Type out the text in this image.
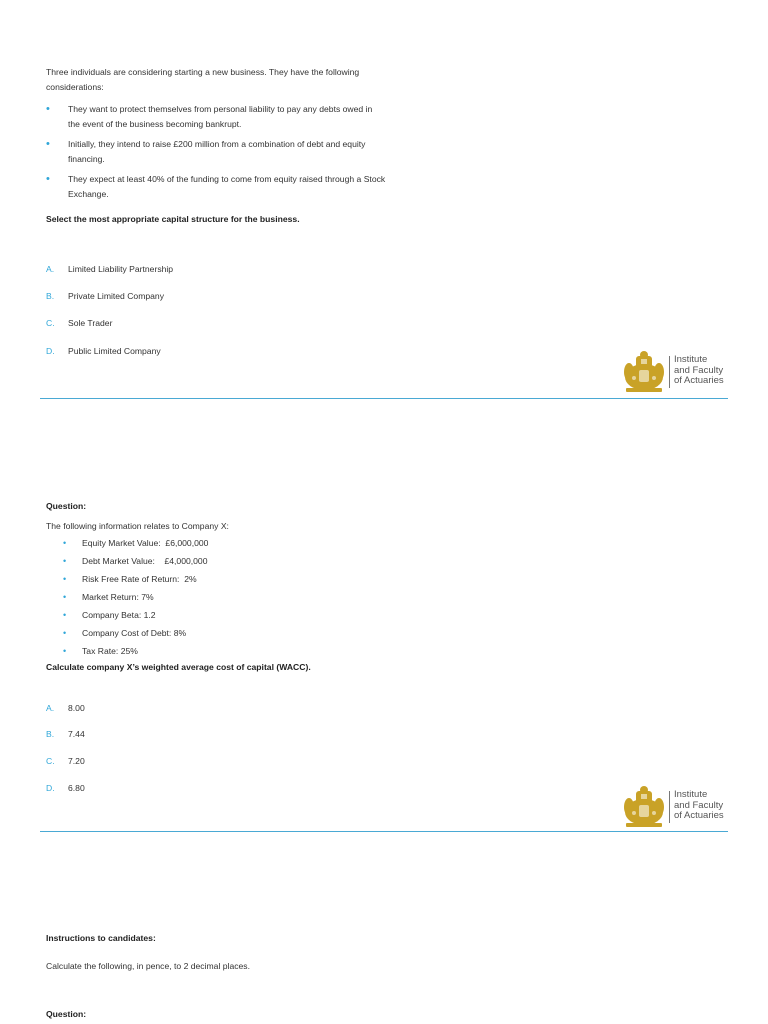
Three individuals are considering starting a new business. They have the following considerations:

• They want to protect themselves from personal liability to pay any debts owed in the event of the business becoming bankrupt.
• Initially, they intend to raise £200 million from a combination of debt and equity financing.
• They expect at least 40% of the funding to come from equity raised through a Stock Exchange.

Select the most appropriate capital structure for the business.

A. Limited Liability Partnership
B. Private Limited Company
C. Sole Trader
D. Public Limited Company
Institute
and Faculty
of Actuaries

Question:

The following information relates to Company X:

• Equity Market Value:  £6,000,000
• Debt Market Value:    £4,000,000
• Risk Free Rate of Return:  2%
• Market Return: 7%
• Company Beta: 1.2
• Company Cost of Debt: 8%
• Tax Rate: 25%

Calculate company X’s weighted average cost of capital (WACC).

A. 8.00
B. 7.44
C. 7.20
D. 6.80
Institute
and Faculty
of Actuaries

Instructions to candidates:

Calculate the following, in pence, to 2 decimal places.

Question:
